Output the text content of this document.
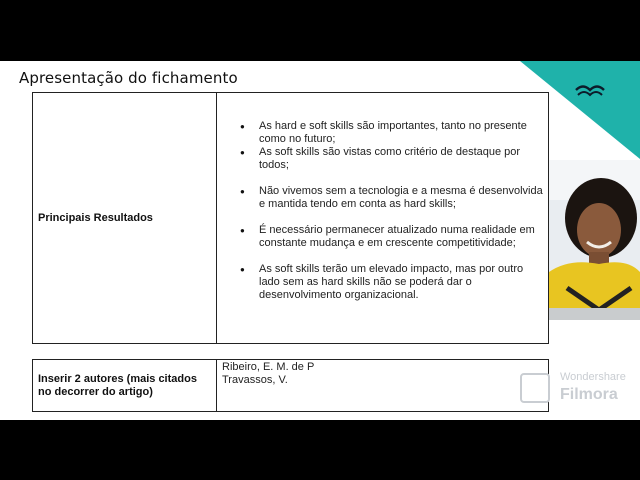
Apresentação do fichamento
Principais Resultados
● As hard e soft skills são importantes, tanto no presente como no futuro;
● As soft skills são vistas como critério de destaque por todos;
● Não vivemos sem a tecnologia e a mesma é desenvolvida e mantida tendo em conta as hard skills;
● É necessário permanecer atualizado numa realidade em constante mudança e em crescente competitividade;
● As soft skills terão um elevado impacto, mas por outro lado sem as hard skills não se poderá dar o desenvolvimento organizacional.
Inserir 2 autores (mais citados no decorrer do artigo)
Ribeiro, E. M. de P
Travassos, V.	Wondershare
Filmora
